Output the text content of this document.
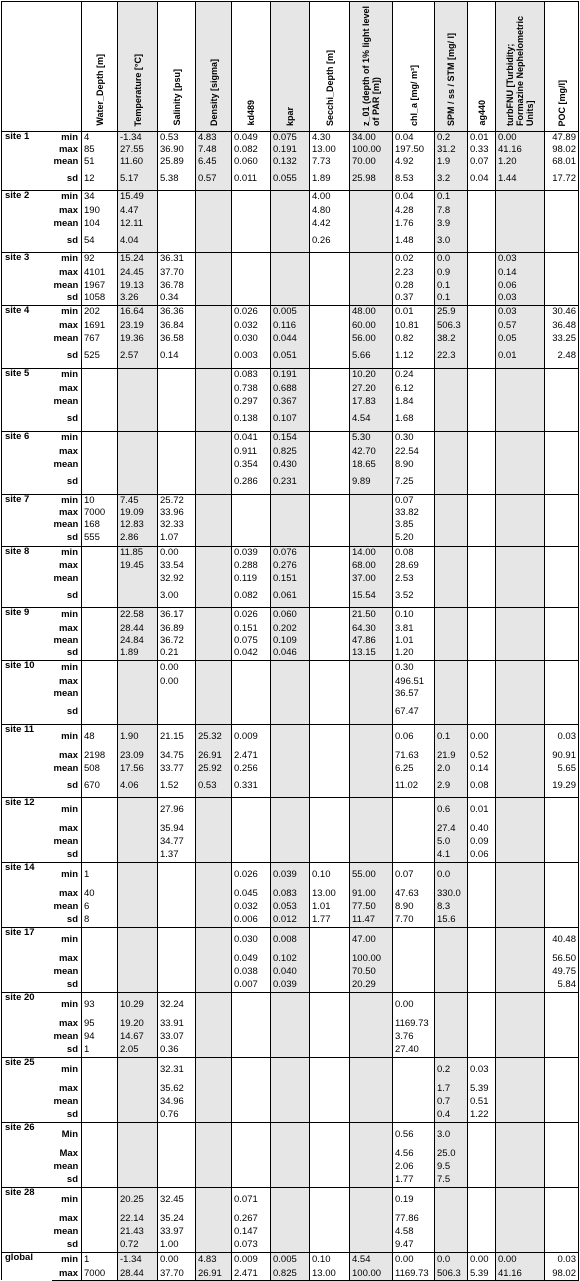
		Water_Depth [m]	Temperature [°C]	Salinity [psu]	Density [sigma]	kd489	kpar	Secchi_Depth [m]	z_01 (depth of 1% light level of PAR [m])	chl_a [mg/ m³]	SPM / ss / STM [mg/ l]	ag440	turbFNU [Turbidity; Formazine Nephelometric Units]	POC [mg/l]
site 1	min	4	-1.34	0.53	4.83	0.049	0.075	4.30	34.00	0.04	0.2	0.01	0.00	47.89
	max	85	27.55	36.90	7.48	0.082	0.191	13.00	100.00	197.50	31.2	0.33	41.16	98.02
	mean	51	11.60	25.89	6.45	0.060	0.132	7.73	70.00	4.92	1.9	0.07	1.20	68.01
	sd	12	5.17	5.38	0.57	0.011	0.055	1.89	25.98	8.53	3.2	0.04	1.44	17.72
site 2	min	34	15.49					4.00		0.04	0.1			
	max	190	4.47					4.80		4.28	7.8			
	mean	104	12.11					4.42		1.76	3.9			
	sd	54	4.04					0.26		1.48	3.0			
site 3	min	92	15.24	36.31						0.02	0.0		0.03	
	max	4101	24.45	37.70						2.23	0.9		0.14	
	mean	1967	19.13	36.78						0.28	0.1		0.06	
	sd	1058	3.26	0.34						0.37	0.1		0.03	
site 4	min	202	16.64	36.36		0.026	0.005		48.00	0.01	25.9		0.03	30.46
	max	1691	23.19	36.84		0.032	0.116		60.00	10.81	506.3		0.57	36.48
	mean	767	19.36	36.58		0.030	0.044		56.00	0.82	38.2		0.05	33.25
	sd	525	2.57	0.14		0.003	0.051		5.66	1.12	22.3		0.01	2.48
site 5	min					0.083	0.191		10.20	0.24				
	max					0.738	0.688		27.20	6.12				
	mean					0.297	0.367		17.83	1.84				
	sd					0.138	0.107		4.54	1.68				
site 6	min					0.041	0.154		5.30	0.30				
	max					0.911	0.825		42.70	22.54				
	mean					0.354	0.430		18.65	8.90				
	sd					0.286	0.231		9.89	7.25				
site 7	min	10	7.45	25.72						0.07				
	max	7000	19.09	33.96						33.82				
	mean	168	12.83	32.33						3.85				
	sd	555	2.86	1.07						5.20				
site 8	min		11.85	0.00		0.039	0.076		14.00	0.08				
	max		19.45	33.54		0.288	0.276		68.00	28.69				
	mean			32.92		0.119	0.151		37.00	2.53				
	sd			3.00		0.082	0.061		15.54	3.52				
site 9	min		22.58	36.17		0.026	0.060		21.50	0.10				
	max		28.44	36.89		0.151	0.202		64.30	3.81				
	mean		24.84	36.72		0.075	0.109		47.86	1.01				
	sd		1.89	0.21		0.042	0.046		13.15	1.20				
site 10	min			0.00						0.30				
	max			0.00						496.51				
	mean									36.57				
	sd									67.47				
site 11	min	48	1.90	21.15	25.32	0.009				0.06	0.1	0.00		0.03
	max	2198	23.09	34.75	26.91	2.471				71.63	21.9	0.52		90.91
	mean	508	17.56	33.77	25.92	0.256				6.25	2.0	0.14		5.65
	sd	670	4.06	1.52	0.53	0.331				11.02	2.9	0.08		19.29
site 12	min			27.96							0.6	0.01		
	max			35.94							27.4	0.40		
	mean			34.77							5.0	0.09		
	sd			1.37							4.1	0.06		
site 14	min	1				0.026	0.039	0.10	55.00	0.07	0.0			
	max	40				0.045	0.083	13.00	91.00	47.63	330.0			
	mean	6				0.032	0.053	1.01	77.50	8.90	8.3			
	sd	8				0.006	0.012	1.77	11.47	7.70	15.6			
site 17	min					0.030	0.008		47.00					40.48
	max					0.049	0.102		100.00					56.50
	mean					0.038	0.040		70.50					49.75
	sd					0.007	0.039		20.29					5.84
site 20	min	93	10.29	32.24						0.00				
	max	95	19.20	33.91						1169.73				
	mean	94	14.67	33.07						3.76				
	sd	1	2.05	0.36						27.40				
site 25	min			32.31							0.2	0.03		
	max			35.62							1.7	5.39		
	mean			34.96							0.7	0.51		
	sd			0.76							0.4	1.22		
site 26	Min									0.56	3.0			
	Max									4.56	25.0			
	mean									2.06	9.5			
	sd									1.77	7.5			
site 28	min		20.25	32.45		0.071				0.19				
	max		22.14	35.24		0.267				77.86				
	mean		21.43	33.97		0.147				4.58				
	sd		0.72	1.00		0.073				9.47				
global	min	1	-1.34	0.00	4.83	0.009	0.005	0.10	4.54	0.00	0.0	0.00	0.00	0.03
	max	7000	28.44	37.70	26.91	2.471	0.825	13.00	100.00	1169.73	506.3	5.39	41.16	98.02
